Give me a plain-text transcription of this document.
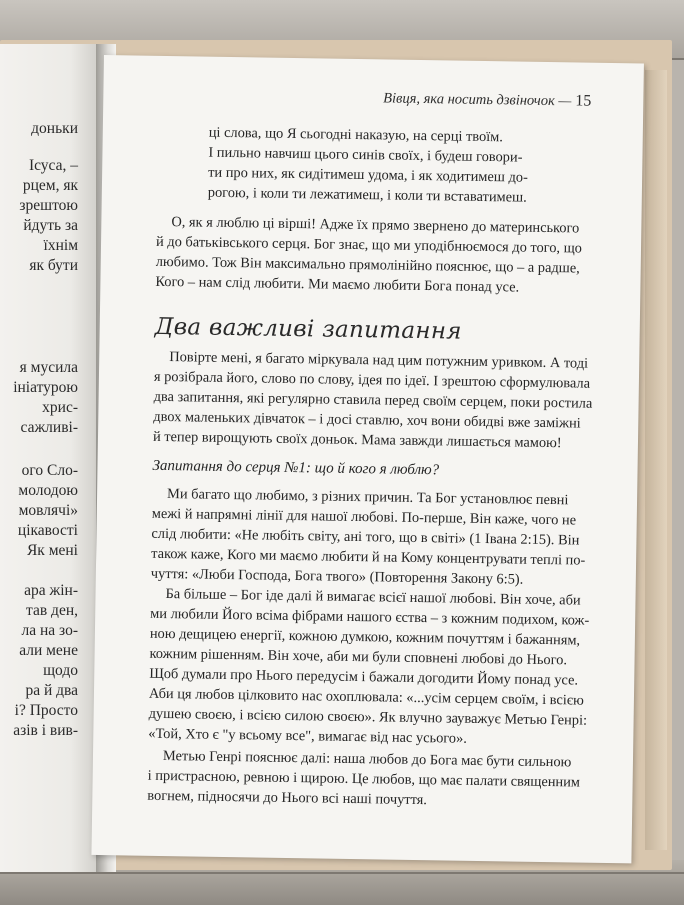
доньки
Ісуса, –
рцем, як
зрештою
йдуть за
їхнім
як бути
я мусила
ініатурою
хрис-
сажливі-
ого Сло-
молодою
мовлячі»
цікавості
Як мені
ара жін-
тав ден,
ла на зо-
али мене
щодо
ра й два
і? Просто
азів і вив-
Вівця, яка носить дзвіночок — 15
ці слова, що Я сьогодні наказую, на серці твоїм.
І пильно навчиш цього синів своїх, і будеш говори-
ти про них, як сидітимеш удома, і як ходитимеш до-
рогою, і коли ти лежатимеш, і коли ти вставатимеш.
О, як я люблю ці вірші! Адже їх прямо звернено до материнського
й до батьківського серця. Бог знає, що ми уподібнюємося до того, що
любимо. Тож Він максимально прямолінійно пояснює, що – а радше,
Кого – нам слід любити. Ми маємо любити Бога понад усе.
Два важливі запитання
Повірте мені, я багато міркувала над цим потужним уривком. А тоді
я розібрала його, слово по слову, ідея по ідеї. І зрештою сформулювала
два запитання, які регулярно ставила перед своїм серцем, поки ростила
двох маленьких дівчаток – і досі ставлю, хоч вони обидві вже заміжні
й тепер вирощують своїх доньок. Мама завжди лишається мамою!
Запитання до серця №1: що й кого я люблю?
Ми багато що любимо, з різних причин. Та Бог установлює певні
межі й напрямні лінії для нашої любові. По-перше, Він каже, чого не
слід любити: «Не любіть світу, ані того, що в світі» (1 Івана 2:15). Він
також каже, Кого ми маємо любити й на Кому концентрувати теплі по-
чуття: «Люби Господа, Бога твого» (Повторення Закону 6:5).
Ба більше – Бог іде далі й вимагає всієї нашої любові. Він хоче, аби
ми любили Його всіма фібрами нашого єства – з кожним подихом, кож-
ною дещицею енергії, кожною думкою, кожним почуттям і бажанням,
кожним рішенням. Він хоче, аби ми були сповнені любові до Нього.
Щоб думали про Нього передусім і бажали догодити Йому понад усе.
Аби ця любов цілковито нас охоплювала: «...усім серцем своїм, і всією
душею своєю, і всією силою своєю». Як влучно зауважує Метью Генрі:
«Той, Хто є "у всьому все", вимагає від нас усього».
Метью Генрі пояснює далі: наша любов до Бога має бути сильною
і пристрасною, ревною і щирою. Це любов, що має палати священним
вогнем, підносячи до Нього всі наші почуття.
